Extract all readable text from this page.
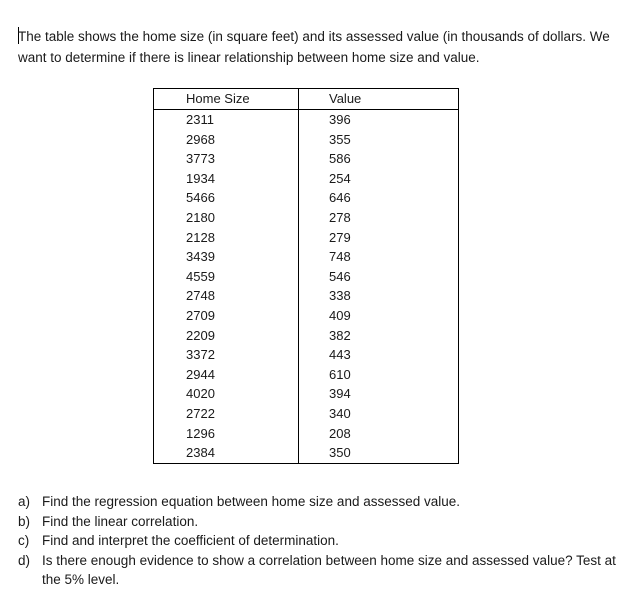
The table shows the home size (in square feet) and its assessed value (in thousands of dollars. We want to determine if there is linear relationship between home size and value.

Home Size	Value
2311	396
2968	355
3773	586
1934	254
5466	646
2180	278
2128	279
3439	748
4559	546
2748	338
2709	409
2209	382
3372	443
2944	610
4020	394
2722	340
1296	208
2384	350
a) Find the regression equation between home size and assessed value.
b) Find the linear correlation.
c) Find and interpret the coefficient of determination.
d) Is there enough evidence to show a correlation between home size and assessed value? Test at the 5% level.
